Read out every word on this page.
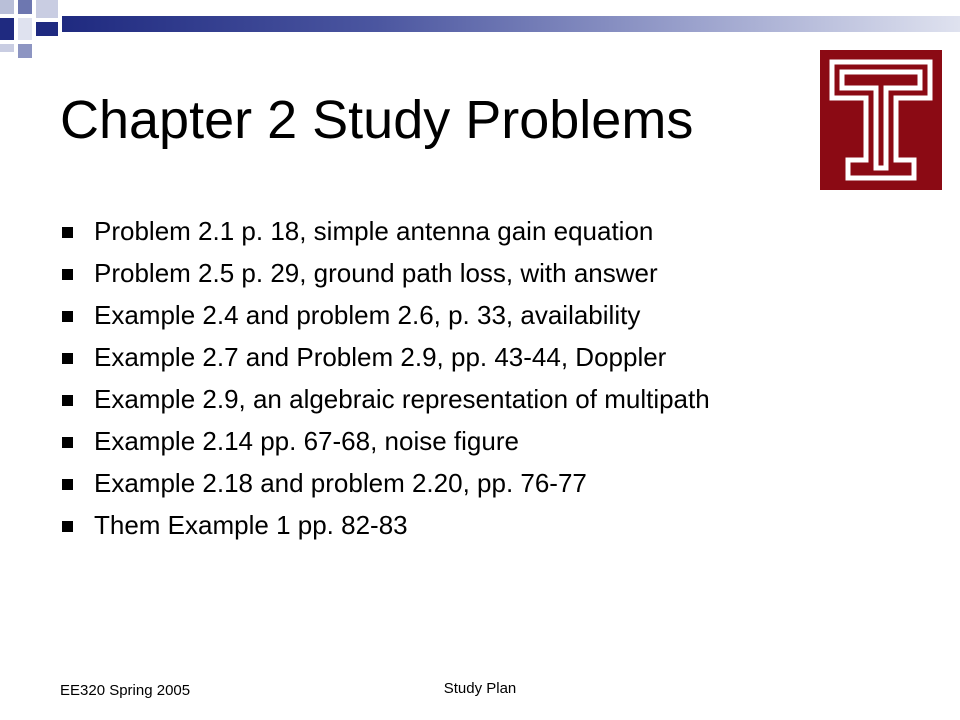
Chapter 2 Study Problems
Problem 2.1 p. 18, simple antenna gain equation
Problem 2.5 p. 29, ground path loss, with answer
Example 2.4 and problem 2.6, p. 33, availability
Example 2.7 and Problem 2.9, pp. 43-44, Doppler
Example 2.9, an algebraic representation of multipath
Example 2.14 pp. 67-68, noise figure
Example 2.18 and problem 2.20, pp. 76-77
Them Example 1 pp. 82-83
EE320 Spring 2005	Study Plan
